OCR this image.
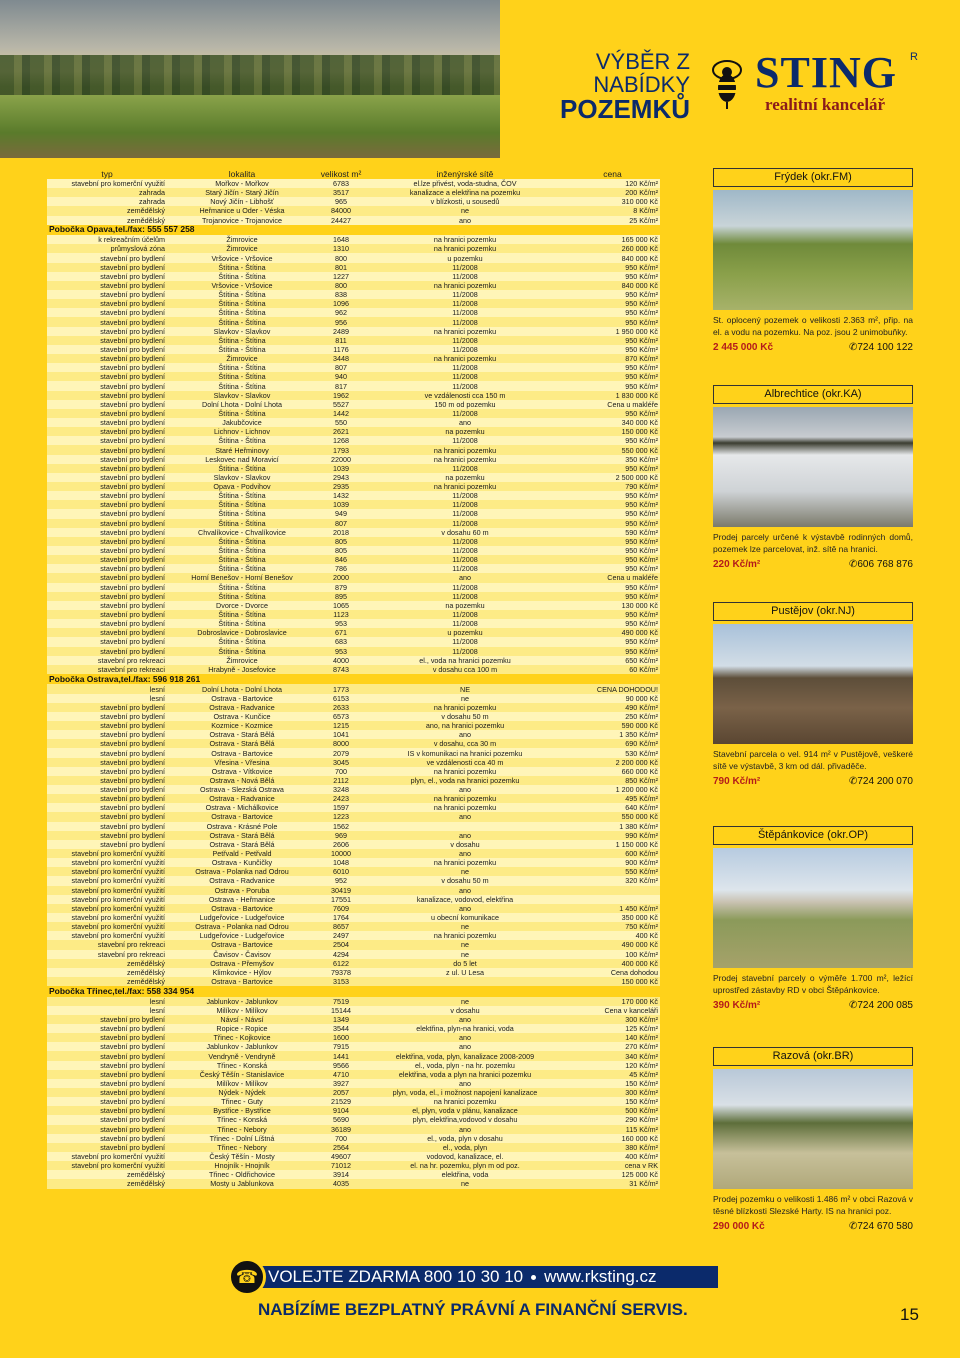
VÝBĚR Z NABÍDKY
POZEMKŮ
STING R
realitní kancelář
typ	lokalita	velikost m²	inženýrské sítě	cena
stavební pro komerční využití	Mořkov - Mořkov	6783	el.lze přivést, voda-studna, ČOV	120 Kč/m²
zahrada	Starý Jičín - Starý Jičín	3517	kanalizace a elektřina na pozemku	200 Kč/m²
zahrada	Nový Jičín - Libhošť	965	v blízkosti, u sousedů	310 000 Kč
zemědělský	Heřmanice u Oder - Véska	84000	ne	8 Kč/m²
zemědělský	Trojanovice - Trojanovice	24427	ano	25 Kč/m²
Pobočka Opava,tel./fax: 555 557 258				
k rekreačním účelům	Žimrovice	1648	na hranici pozemku	165 000 Kč
průmyslová zóna	Žimrovice	1310	na hranici pozemku	260 000 Kč
stavební pro bydlení	Vršovice - Vršovice	800	u pozemku	840 000 Kč
stavební pro bydlení	Štítina - Štítina	801	11/2008	950 Kč/m²
stavební pro bydlení	Štítina - Štítina	1227	11/2008	950 Kč/m²
stavební pro bydlení	Vršovice - Vršovice	800	na hranici pozemku	840 000 Kč
stavební pro bydlení	Štítina - Štítina	838	11/2008	950 Kč/m²
stavební pro bydlení	Štítina - Štítina	1096	11/2008	950 Kč/m²
stavební pro bydlení	Štítina - Štítina	962	11/2008	950 Kč/m²
stavební pro bydlení	Štítina - Štítina	956	11/2008	950 Kč/m²
stavební pro bydlení	Slavkov - Slavkov	2489	na hranici pozemku	1 950 000 Kč
stavební pro bydlení	Štítina - Štítina	811	11/2008	950 Kč/m²
stavební pro bydlení	Štítina - Štítina	1176	11/2008	950 Kč/m²
stavební pro bydlení	Žimrovice	3448	na hranici pozemku	870 Kč/m²
stavební pro bydlení	Štítina - Štítina	807	11/2008	950 Kč/m²
stavební pro bydlení	Štítina - Štítina	940	11/2008	950 Kč/m²
stavební pro bydlení	Štítina - Štítina	817	11/2008	950 Kč/m²
stavební pro bydlení	Slavkov - Slavkov	1962	ve vzdálenosti cca 150 m	1 830 000 Kč
stavební pro bydlení	Dolní Lhota - Dolní Lhota	5527	150 m od pozemku	Cena u makléře
stavební pro bydlení	Štítina - Štítina	1442	11/2008	950 Kč/m²
stavební pro bydlení	Jakubčovice	550	ano	340 000 Kč
stavební pro bydlení	Lichnov - Lichnov	2621	na pozemku	150 000 Kč
stavební pro bydlení	Štítina - Štítina	1268	11/2008	950 Kč/m²
stavební pro bydlení	Staré Heřminovy	1793	na hranici pozemku	550 000 Kč
stavební pro bydlení	Leskovec nad Moravicí	22000	na hranici pozemku	350 Kč/m²
stavební pro bydlení	Štítina - Štítina	1039	11/2008	950 Kč/m²
stavební pro bydlení	Slavkov - Slavkov	2943	na pozemku	2 500 000 Kč
stavební pro bydlení	Opava - Podvihov	2935	na hranici pozemku	790 Kč/m²
stavební pro bydlení	Štítina - Štítina	1432	11/2008	950 Kč/m²
stavební pro bydlení	Štítina - Štítina	1039	11/2008	950 Kč/m²
stavební pro bydlení	Štítina - Štítina	949	11/2008	950 Kč/m²
stavební pro bydlení	Štítina - Štítina	807	11/2008	950 Kč/m²
stavební pro bydlení	Chvalíkovice - Chvalíkovice	2018	v dosahu 60 m	590 Kč/m²
stavební pro bydlení	Štítina - Štítina	805	11/2008	950 Kč/m²
stavební pro bydlení	Štítina - Štítina	805	11/2008	950 Kč/m²
stavební pro bydlení	Štítina - Štítina	846	11/2008	950 Kč/m²
stavební pro bydlení	Štítina - Štítina	786	11/2008	950 Kč/m²
stavební pro bydlení	Horní Benešov - Horní Benešov	2000	ano	Cena u makléře
stavební pro bydlení	Štítina - Štítina	879	11/2008	950 Kč/m²
stavební pro bydlení	Štítina - Štítina	895	11/2008	950 Kč/m²
stavební pro bydlení	Dvorce - Dvorce	1065	na pozemku	130 000 Kč
stavební pro bydlení	Štítina - Štítina	1123	11/2008	950 Kč/m²
stavební pro bydlení	Štítina - Štítina	953	11/2008	950 Kč/m²
stavební pro bydlení	Dobroslavice - Dobroslavice	671	u pozemku	490 000 Kč
stavební pro bydlení	Štítina - Štítina	683	11/2008	950 Kč/m²
stavební pro bydlení	Štítina - Štítina	953	11/2008	950 Kč/m²
stavební pro rekreaci	Žimrovice	4000	el., voda na hranici pozemku	650 Kč/m²
stavební pro rekreaci	Hrabyně - Josefovice	8743	v dosahu cca 100 m	60 Kč/m²
Pobočka Ostrava,tel./fax: 596 918 261				
lesní	Dolní Lhota - Dolní Lhota	1773	NE	CENA DOHODOU!
lesní	Ostrava - Bartovice	6153	ne	90 000 Kč
stavební pro bydlení	Ostrava - Radvanice	2633	na hranici pozemku	490 Kč/m²
stavební pro bydlení	Ostrava - Kunčice	6573	v dosahu 50 m	250 Kč/m²
stavební pro bydlení	Kozmice - Kozmice	1215	ano, na hranici pozemku	590 000 Kč
stavební pro bydlení	Ostrava - Stará Bělá	1041	ano	1 350 Kč/m²
stavební pro bydlení	Ostrava - Stará Bělá	8000	v dosahu, cca 30 m	690 Kč/m²
stavební pro bydlení	Ostrava - Bartovice	2079	IS v komunikaci na hranici pozemku	530 Kč/m²
stavební pro bydlení	Vřesina - Vřesina	3045	ve vzdálenosti cca 40 m	2 200 000 Kč
stavební pro bydlení	Ostrava - Vítkovice	700	na hranici pozemku	660 000 Kč
stavební pro bydlení	Ostrava - Nová Bělá	2112	plyn, el., voda na hranici pozemku	850 Kč/m²
stavební pro bydlení	Ostrava - Slezská Ostrava	3248	ano	1 200 000 Kč
stavební pro bydlení	Ostrava - Radvanice	2423	na hranici pozemku	495 Kč/m²
stavební pro bydlení	Ostrava - Michálkovice	1597	na hranici pozemku	640 Kč/m²
stavební pro bydlení	Ostrava - Bartovice	1223	ano	550 000 Kč
stavební pro bydlení	Ostrava - Krásné Pole	1562		1 380 Kč/m²
stavební pro bydlení	Ostrava - Stará Bělá	969	ano	990 Kč/m²
stavební pro bydlení	Ostrava - Stará Bělá	2606	v dosahu	1 150 000 Kč
stavební pro komerční využití	Petřvald - Petřvald	10000	ano	600 Kč/m²
stavební pro komerční využití	Ostrava - Kunčičky	1048	na hranici pozemku	900 Kč/m²
stavební pro komerční využití	Ostrava - Polanka nad Odrou	6010	ne	550 Kč/m²
stavební pro komerční využití	Ostrava - Radvanice	952	v dosahu 50 m	320 Kč/m²
stavební pro komerční využití	Ostrava - Poruba	30419	ano	
stavební pro komerční využití	Ostrava - Heřmanice	17551	kanalizace, vodovod, elektřina	
stavební pro komerční využití	Ostrava - Bartovice	7609	ano	1 450 Kč/m²
stavební pro komerční využití	Ludgeřovice - Ludgeřovice	1764	u obecní komunikace	350 000 Kč
stavební pro komerční využití	Ostrava - Polanka nad Odrou	8657	ne	750 Kč/m²
stavební pro komerční využití	Ludgeřovice - Ludgeřovice	2497	na hranici pozemku	400 Kč
stavební pro rekreaci	Ostrava - Bartovice	2504	ne	490 000 Kč
stavební pro rekreaci	Čavisov - Čavisov	4294	ne	100 Kč/m²
zemědělský	Ostrava - Přemyšov	6122	do 5 let	400 000 Kč
zemědělský	Klimkovice - Hýlov	79378	z ul. U Lesa	Cena dohodou
zemědělský	Ostrava - Bartovice	3153		150 000 Kč
Pobočka Třinec,tel./fax: 558 334 954				
lesní	Jablunkov - Jablunkov	7519	ne	170 000 Kč
lesní	Milíkov - Milíkov	15144	v dosahu	Cena v kanceláři
stavební pro bydlení	Návsí - Návsí	1349	ano	300 Kč/m²
stavební pro bydlení	Ropice - Ropice	3544	elektřina, plyn-na hranici, voda	125 Kč/m²
stavební pro bydlení	Třinec - Kojkovice	1600	ano	140 Kč/m²
stavební pro bydlení	Jablunkov - Jablunkov	7915	ano	270 Kč/m²
stavební pro bydlení	Vendryně - Vendryně	1441	elektřina, voda, plyn, kanalizace 2008-2009	340 Kč/m²
stavební pro bydlení	Třinec - Konská	9566	el., voda, plyn - na hr. pozemku	120 Kč/m²
stavební pro bydlení	Český Těšín - Stanislavice	4710	elektřina, voda a plyn na hranici pozemku	45 Kč/m²
stavební pro bydlení	Milíkov - Milíkov	3927	ano	150 Kč/m²
stavební pro bydlení	Nýdek - Nýdek	2057	plyn, voda, el., i možnost napojení kanalizace	300 Kč/m²
stavební pro bydlení	Třinec - Guty	21529	na hranici pozemku	150 Kč/m²
stavební pro bydlení	Bystřice - Bystřice	9104	el, plyn, voda v plánu, kanalizace	500 Kč/m²
stavební pro bydlení	Třinec - Konská	5690	plyn, elektřina,vodovod v dosahu	290 Kč/m²
stavební pro bydlení	Třinec - Nebory	36189	ano	115 Kč/m²
stavební pro bydlení	Třinec - Dolní Líštná	700	el., voda, plyn v dosahu	160 000 Kč
stavební pro bydlení	Třinec - Nebory	2564	el., voda, plyn	380 Kč/m²
stavební pro komerční využití	Český Těšín - Mosty	49607	vodovod, kanalizace, el.	400 Kč/m²
stavební pro komerční využití	Hnojník - Hnojník	71012	el. na hr. pozemku, plyn m od poz.	cena v RK
zemědělský	Třinec - Oldřichovice	3914	elektřina, voda	125 000 Kč
zemědělský	Mosty u Jablunkova	4035	ne	31 Kč/m²
Frýdek (okr.FM)
St. oplocený pozemek o velikosti 2.363 m², přip. na el. a vodu na pozemku. Na poz. jsou 2 unimobuňky.
2 445 000 Kč	✆724 100 122
Albrechtice (okr.KA)
Prodej parcely určené k výstavbě rodinných domů, pozemek lze parcelovat, inž. sítě na hranici.
220 Kč/m²	✆606 768 876
Pustějov (okr.NJ)
Stavební parcela o vel. 914 m² v Pustějově, veškeré sítě ve výstavbě, 3 km od dál. přivaděče.
790 Kč/m²	✆724 200 070
Štěpánkovice (okr.OP)
Prodej stavební parcely o výměře 1.700 m², ležící uprostřed zástavby RD v obci Štěpánkovice.
390 Kč/m²	✆724 200 085
Razová (okr.BR)
Prodej pozemku o velikosti 1.486 m² v obci Razová v těsné blízkosti Slezské Harty. IS na hranici poz.
290 000 Kč	✆724 670 580
VOLEJTE ZDARMA 800 10 30 10 www.rksting.cz
☎
NABÍZÍME BEZPLATNÝ PRÁVNÍ A FINANČNÍ SERVIS.	15
